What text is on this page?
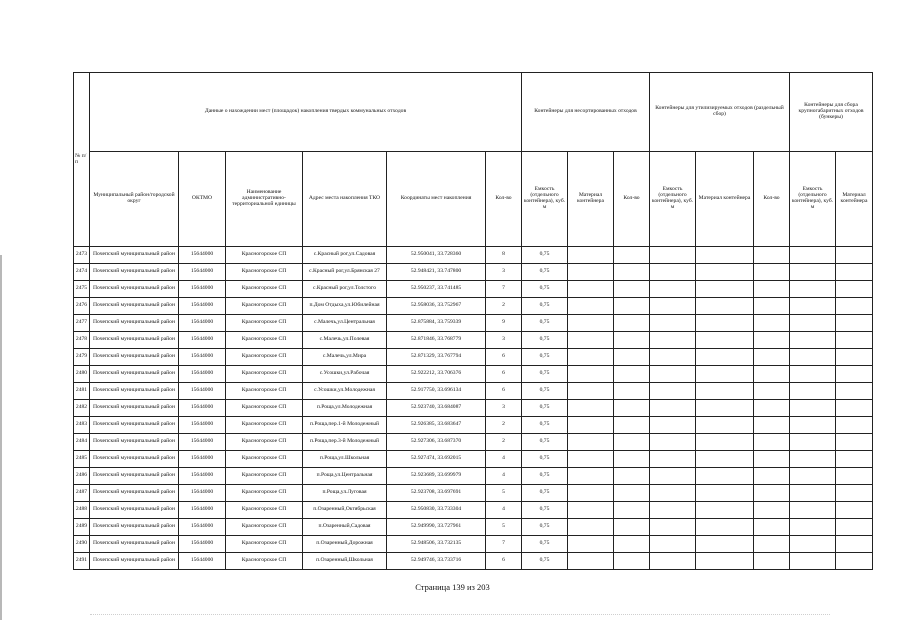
№ п/п	Данные о нахождении мест (площадок) накопления твердых коммунальных отходов						Контейнеры для несортированных отходов			Контейнеры для утилизируемых отходов (раздельный сбор)			Контейнеры для сбора крупногабаритных отходов (бункеры)	
	Муниципальный район/городской округ	ОКТМО	Наименование административно-территориальной единицы	Адрес места накопления ТКО	Координаты мест накопления	Кол-во	Емкость (отдельного контейнера), куб. м	Материал контейнера	Кол-во	Емкость (отдельного контейнера), куб. м	Материал контейнера	Кол-во	Емкость (отдельного контейнера), куб. м	Материал контейнера
2473	Почепский муниципальный район	15644000	Красногорское СП	с.Красный рог,ул.Садовая	52.950041, 33.728360	8	0,75							
2474	Почепский муниципальный район	15644000	Красногорское СП	с.Красный рог,ул.Брянская 27	52.948421, 33.747800	3	0,75							
2475	Почепский муниципальный район	15644000	Красногорское СП	с.Красный рог,ул.Толстого	52.950237, 33.741485	7	0,75							
2476	Почепский муниципальный район	15644000	Красногорское СП	п.Дом Отдыха,ул.Юбилейная	52.958036, 33.752967	2	0,75							
2477	Почепский муниципальный район	15644000	Красногорское СП	с.Малечь,ул.Центральная	52.875884, 33.759339	9	0,75							
2478	Почепский муниципальный район	15644000	Красногорское СП	с.Малечь,ул.Полевая	52.871846, 33.768779	3	0,75							
2479	Почепский муниципальный район	15644000	Красногорское СП	с.Малечь,ул.Мира	52.871329, 33.767794	6	0,75							
2480	Почепский муниципальный район	15644000	Красногорское СП	с.Усошки,ул.Рабочая	52.922212, 33.706376	6	0,75							
2481	Почепский муниципальный район	15644000	Красногорское СП	с.Усошки,ул.Молодежная	52.917750, 33.696134	6	0,75							
2482	Почепский муниципальный район	15644000	Красногорское СП	п.Роща,ул.Молодежная	52.923740, 33.684087	3	0,75							
2483	Почепский муниципальный район	15644000	Красногорское СП	п.Роща,пер.1-й Молодежный	52.926385, 33.683647	2	0,75							
2484	Почепский муниципальный район	15644000	Красногорское СП	п.Роща,пер.3-й Молодежный	52.927306, 33.687370	2	0,75							
2485	Почепский муниципальный район	15644000	Красногорское СП	п.Роща,ул.Школьная	52.927474, 33.692015	4	0,75							
2486	Почепский муниципальный район	15644000	Красногорское СП	п.Роща,ул.Центральная	52.923689, 33.699979	4	0,75							
2487	Почепский муниципальный район	15644000	Красногорское СП	п.Роща,ул.Луговая	52.923708, 33.697691	5	0,75							
2488	Почепский муниципальный район	15644000	Красногорское СП	п.Озаренный,Октябрьская	52.950830, 33.733304	4	0,75							
2489	Почепский муниципальный район	15644000	Красногорское СП	п.Озаренный,Садовая	52.949990, 33.727961	5	0,75							
2490	Почепский муниципальный район	15644000	Красногорское СП	п.Озаренный,Дорожная	52.948506, 33.732135	7	0,75							
2491	Почепский муниципальный район	15644000	Красногорское СП	п.Озаренный,Школьная	52.949746, 33.733716	6	0,75							
Страница 139 из 203
